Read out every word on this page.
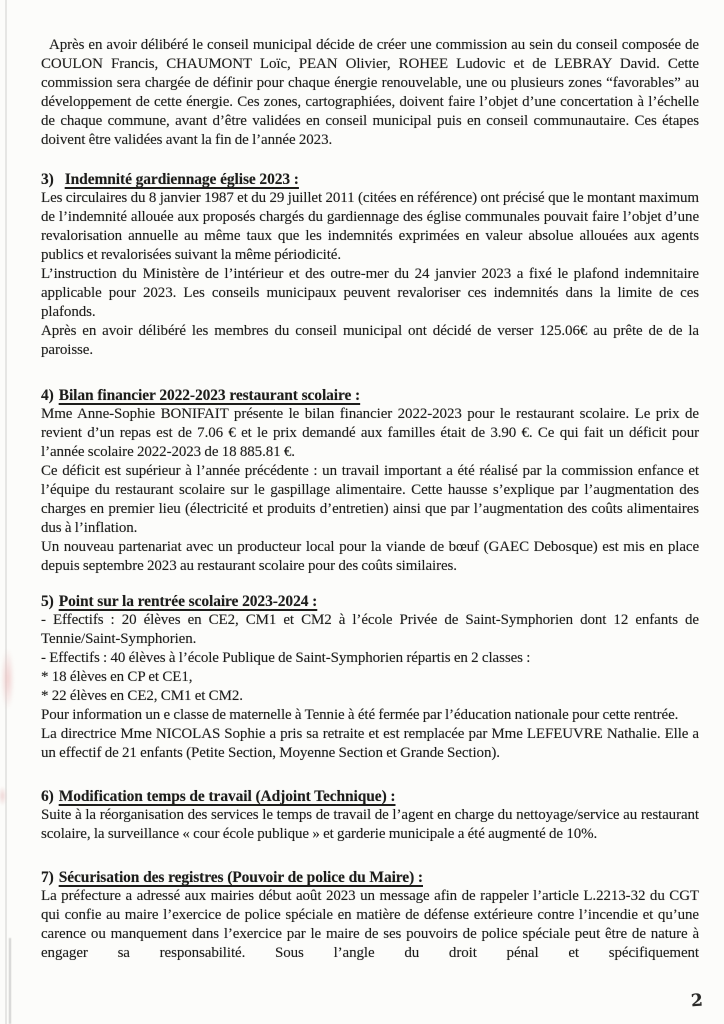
Après en avoir délibéré le conseil municipal décide de créer une commission au sein du conseil composée de COULON Francis, CHAUMONT Loïc, PEAN Olivier, ROHEE Ludovic et de LEBRAY David. Cette commission sera chargée de définir pour chaque énergie renouvelable, une ou plusieurs zones “favorables” au développement de cette énergie. Ces zones, cartographiées, doivent faire l’objet d’une concertation à l’échelle de chaque commune, avant d’être validées en conseil municipal puis en conseil communautaire. Ces étapes doivent être validées avant la fin de l’année 2023.

3) Indemnité gardiennage église 2023 :

Les circulaires du 8 janvier 1987 et du 29 juillet 2011 (citées en référence) ont précisé que le montant maximum de l’indemnité allouée aux proposés chargés du gardiennage des église communales pouvait faire l’objet d’une revalorisation annuelle au même taux que les indemnités exprimées en valeur absolue allouées aux agents publics et revalorisées suivant la même périodicité.

L’instruction du Ministère de l’intérieur et des outre-mer du 24 janvier 2023 a fixé le plafond indemnitaire applicable pour 2023. Les conseils municipaux peuvent revaloriser ces indemnités dans la limite de ces plafonds.

Après en avoir délibéré les membres du conseil municipal ont décidé de verser 125.06€ au prête de de la paroisse.

4) Bilan financier 2022-2023 restaurant scolaire :

Mme Anne-Sophie BONIFAIT présente le bilan financier 2022-2023 pour le restaurant scolaire. Le prix de revient d’un repas est de 7.06 € et le prix demandé aux familles était de 3.90 €. Ce qui fait un déficit pour l’année scolaire 2022-2023 de 18 885.81 €.

Ce déficit est supérieur à l’année précédente : un travail important a été réalisé par la commission enfance et l’équipe du restaurant scolaire sur le gaspillage alimentaire. Cette hausse s’explique par l’augmentation des charges en premier lieu (électricité et produits d’entretien) ainsi que par l’augmentation des coûts alimentaires dus à l’inflation.

Un nouveau partenariat avec un producteur local pour la viande de bœuf (GAEC Debosque) est mis en place depuis septembre 2023 au restaurant scolaire pour des coûts similaires.

5) Point sur la rentrée scolaire 2023-2024 :

- Effectifs : 20 élèves en CE2, CM1 et CM2 à l’école Privée de Saint-Symphorien dont 12 enfants de Tennie/Saint-Symphorien.

- Effectifs : 40 élèves à l’école Publique de Saint-Symphorien répartis en 2 classes :

* 18 élèves en CP et CE1,

* 22 élèves en CE2, CM1 et CM2.

Pour information un e classe de maternelle à Tennie à été fermée par l’éducation nationale pour cette rentrée.

La directrice Mme NICOLAS Sophie a pris sa retraite et est remplacée par Mme LEFEUVRE Nathalie. Elle a un effectif de 21 enfants (Petite Section, Moyenne Section et Grande Section).

6) Modification temps de travail (Adjoint Technique) :

Suite à la réorganisation des services le temps de travail de l’agent en charge du nettoyage/service au restaurant scolaire, la surveillance « cour école publique » et garderie municipale a été augmenté de 10%.

7) Sécurisation des registres (Pouvoir de police du Maire) :

La préfecture a adressé aux mairies début août 2023 un message afin de rappeler l’article L.2213-32 du CGT qui confie au maire l’exercice de police spéciale en matière de défense extérieure contre l’incendie et qu’une carence ou manquement dans l’exercice par le maire de ses pouvoirs de police spéciale peut être de nature à engager sa responsabilité. Sous l’angle du droit pénal et spécifiquement

2
